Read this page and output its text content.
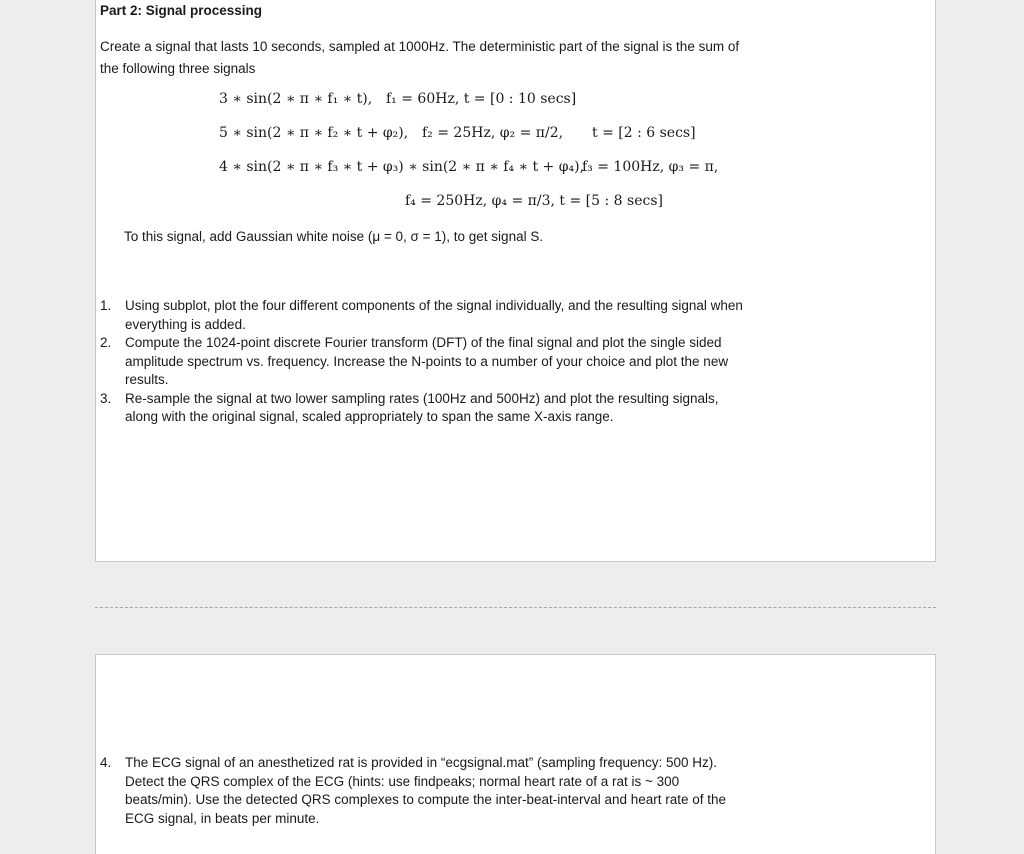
Part 2: Signal processing
Create a signal that lasts 10 seconds, sampled at 1000Hz. The deterministic part of the signal is the sum of the following three signals
3 ∗ sin(2 ∗ π ∗ f₁ ∗ t), f₁ = 60Hz, t = [0 : 10 secs]
5 ∗ sin(2 ∗ π ∗ f₂ ∗ t + φ₂), f₂ = 25Hz, φ₂ = π/2, t = [2 : 6 secs]
4 ∗ sin(2 ∗ π ∗ f₃ ∗ t + φ₃) ∗ sin(2 ∗ π ∗ f₄ ∗ t + φ₄),
f₃ = 100Hz, φ₃ = π,
f₄ = 250Hz, φ₄ = π/3, t = [5 : 8 secs]
To this signal, add Gaussian white noise (μ = 0, σ = 1), to get signal S.
1. Using subplot, plot the four different components of the signal individually, and the resulting signal when everything is added.
2. Compute the 1024-point discrete Fourier transform (DFT) of the final signal and plot the single sided amplitude spectrum vs. frequency. Increase the N-points to a number of your choice and plot the new results.
3. Re-sample the signal at two lower sampling rates (100Hz and 500Hz) and plot the resulting signals, along with the original signal, scaled appropriately to span the same X-axis range.
4. The ECG signal of an anesthetized rat is provided in “ecgsignal.mat” (sampling frequency: 500 Hz). Detect the QRS complex of the ECG (hints: use findpeaks; normal heart rate of a rat is ~ 300 beats/min). Use the detected QRS complexes to compute the inter-beat-interval and heart rate of the ECG signal, in beats per minute.
